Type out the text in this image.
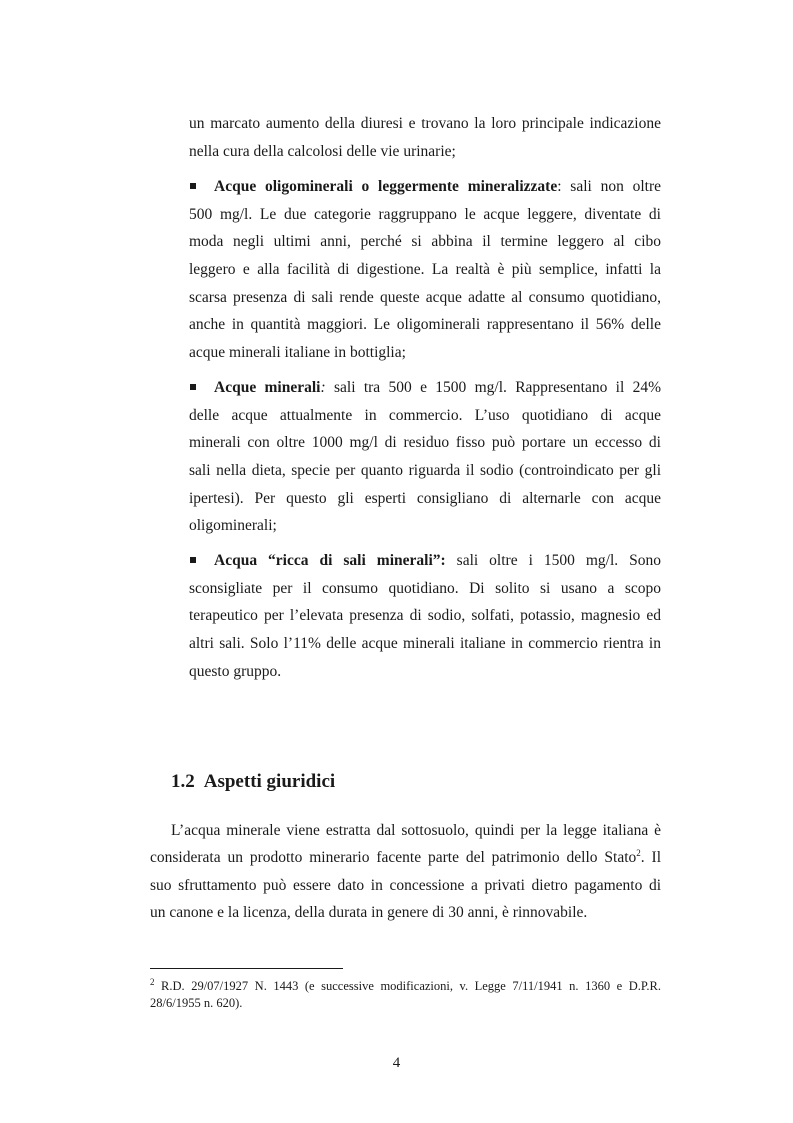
un marcato aumento della diuresi e trovano la loro principale indicazione
nella cura della calcolosi delle vie urinarie;
Acque oligominerali o leggermente mineralizzate: sali non oltre
500 mg/l. Le due categorie raggruppano le acque leggere, diventate di
moda negli ultimi anni, perché si abbina il termine leggero al cibo
leggero e alla facilità di digestione. La realtà è più semplice, infatti la
scarsa presenza di sali rende queste acque adatte al consumo quotidiano,
anche in quantità maggiori. Le oligominerali rappresentano il 56% delle
acque minerali italiane in bottiglia;
Acque minerali: sali tra 500 e 1500 mg/l. Rappresentano il 24%
delle acque attualmente in commercio. L’uso quotidiano di acque
minerali con oltre 1000 mg/l di residuo fisso può portare un eccesso di
sali nella dieta, specie per quanto riguarda il sodio (controindicato per gli
ipertesi). Per questo gli esperti consigliano di alternarle con acque
oligominerali;
Acqua “ricca di sali minerali”: sali oltre i 1500 mg/l. Sono
sconsigliate per il consumo quotidiano. Di solito si usano a scopo
terapeutico per l’elevata presenza di sodio, solfati, potassio, magnesio ed
altri sali. Solo l’11% delle acque minerali italiane in commercio rientra in
questo gruppo.
1.2 Aspetti giuridici
L’acqua minerale viene estratta dal sottosuolo, quindi per la legge italiana è
considerata un prodotto minerario facente parte del patrimonio dello Stato$^2$. Il
suo sfruttamento può essere dato in concessione a privati dietro pagamento di
un canone e la licenza, della durata in genere di 30 anni, è rinnovabile.
$^2$ R.D. 29/07/1927 N. 1443 (e successive modificazioni, v. Legge 7/11/1941 n. 1360 e D.P.R.
28/6/1955 n. 620).
4
